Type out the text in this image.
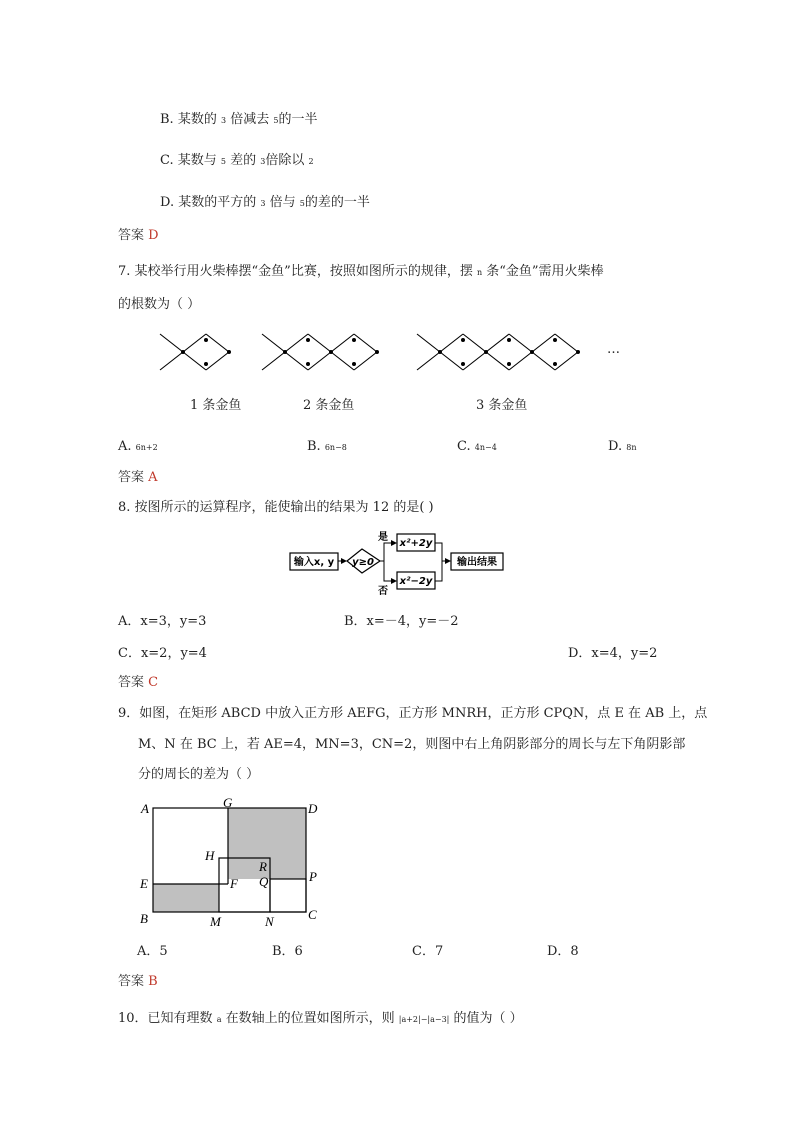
B. 某数的 3 倍减去 5的一半
C. 某数与 5 差的 3倍除以 2
D. 某数的平方的 3 倍与 5的差的一半
答案 D
7. 某校举行用火柴棒摆“金鱼”比赛，按照如图所示的规律，摆 n 条“金鱼”需用火柴棒
的根数为（ ）
1 条金鱼	2 条金鱼	3 条金鱼
…
A. 6n+2	B. 6n−8	C. 4n−4	D. 8n
答案 A
8. 按图所示的运算程序，能使输出的结果为 12 的是( )
输入x, y y≥0
是
否
x²+2y
x²−2y
输出结果
A．x=3，y=3	B．x=－4，y=－2
C．x=2，y=4	D．x=4，y=2
答案 C
9．如图，在矩形 ABCD 中放入正方形 AEFG，正方形 MNRH，正方形 CPQN，点 E 在 AB 上，点
M、N 在 BC 上，若 AE=4，MN=3，CN=2，则图中右上角阴影部分的周长与左下角阴影部
分的周长的差为（ ）
A	G	D
H
R
E	F Q	P
B	M	N	C
A．5	B．6	C．7	D．8
答案 B
10．已知有理数 a 在数轴上的位置如图所示，则 |a+2|−|a−3| 的值为（ ）
